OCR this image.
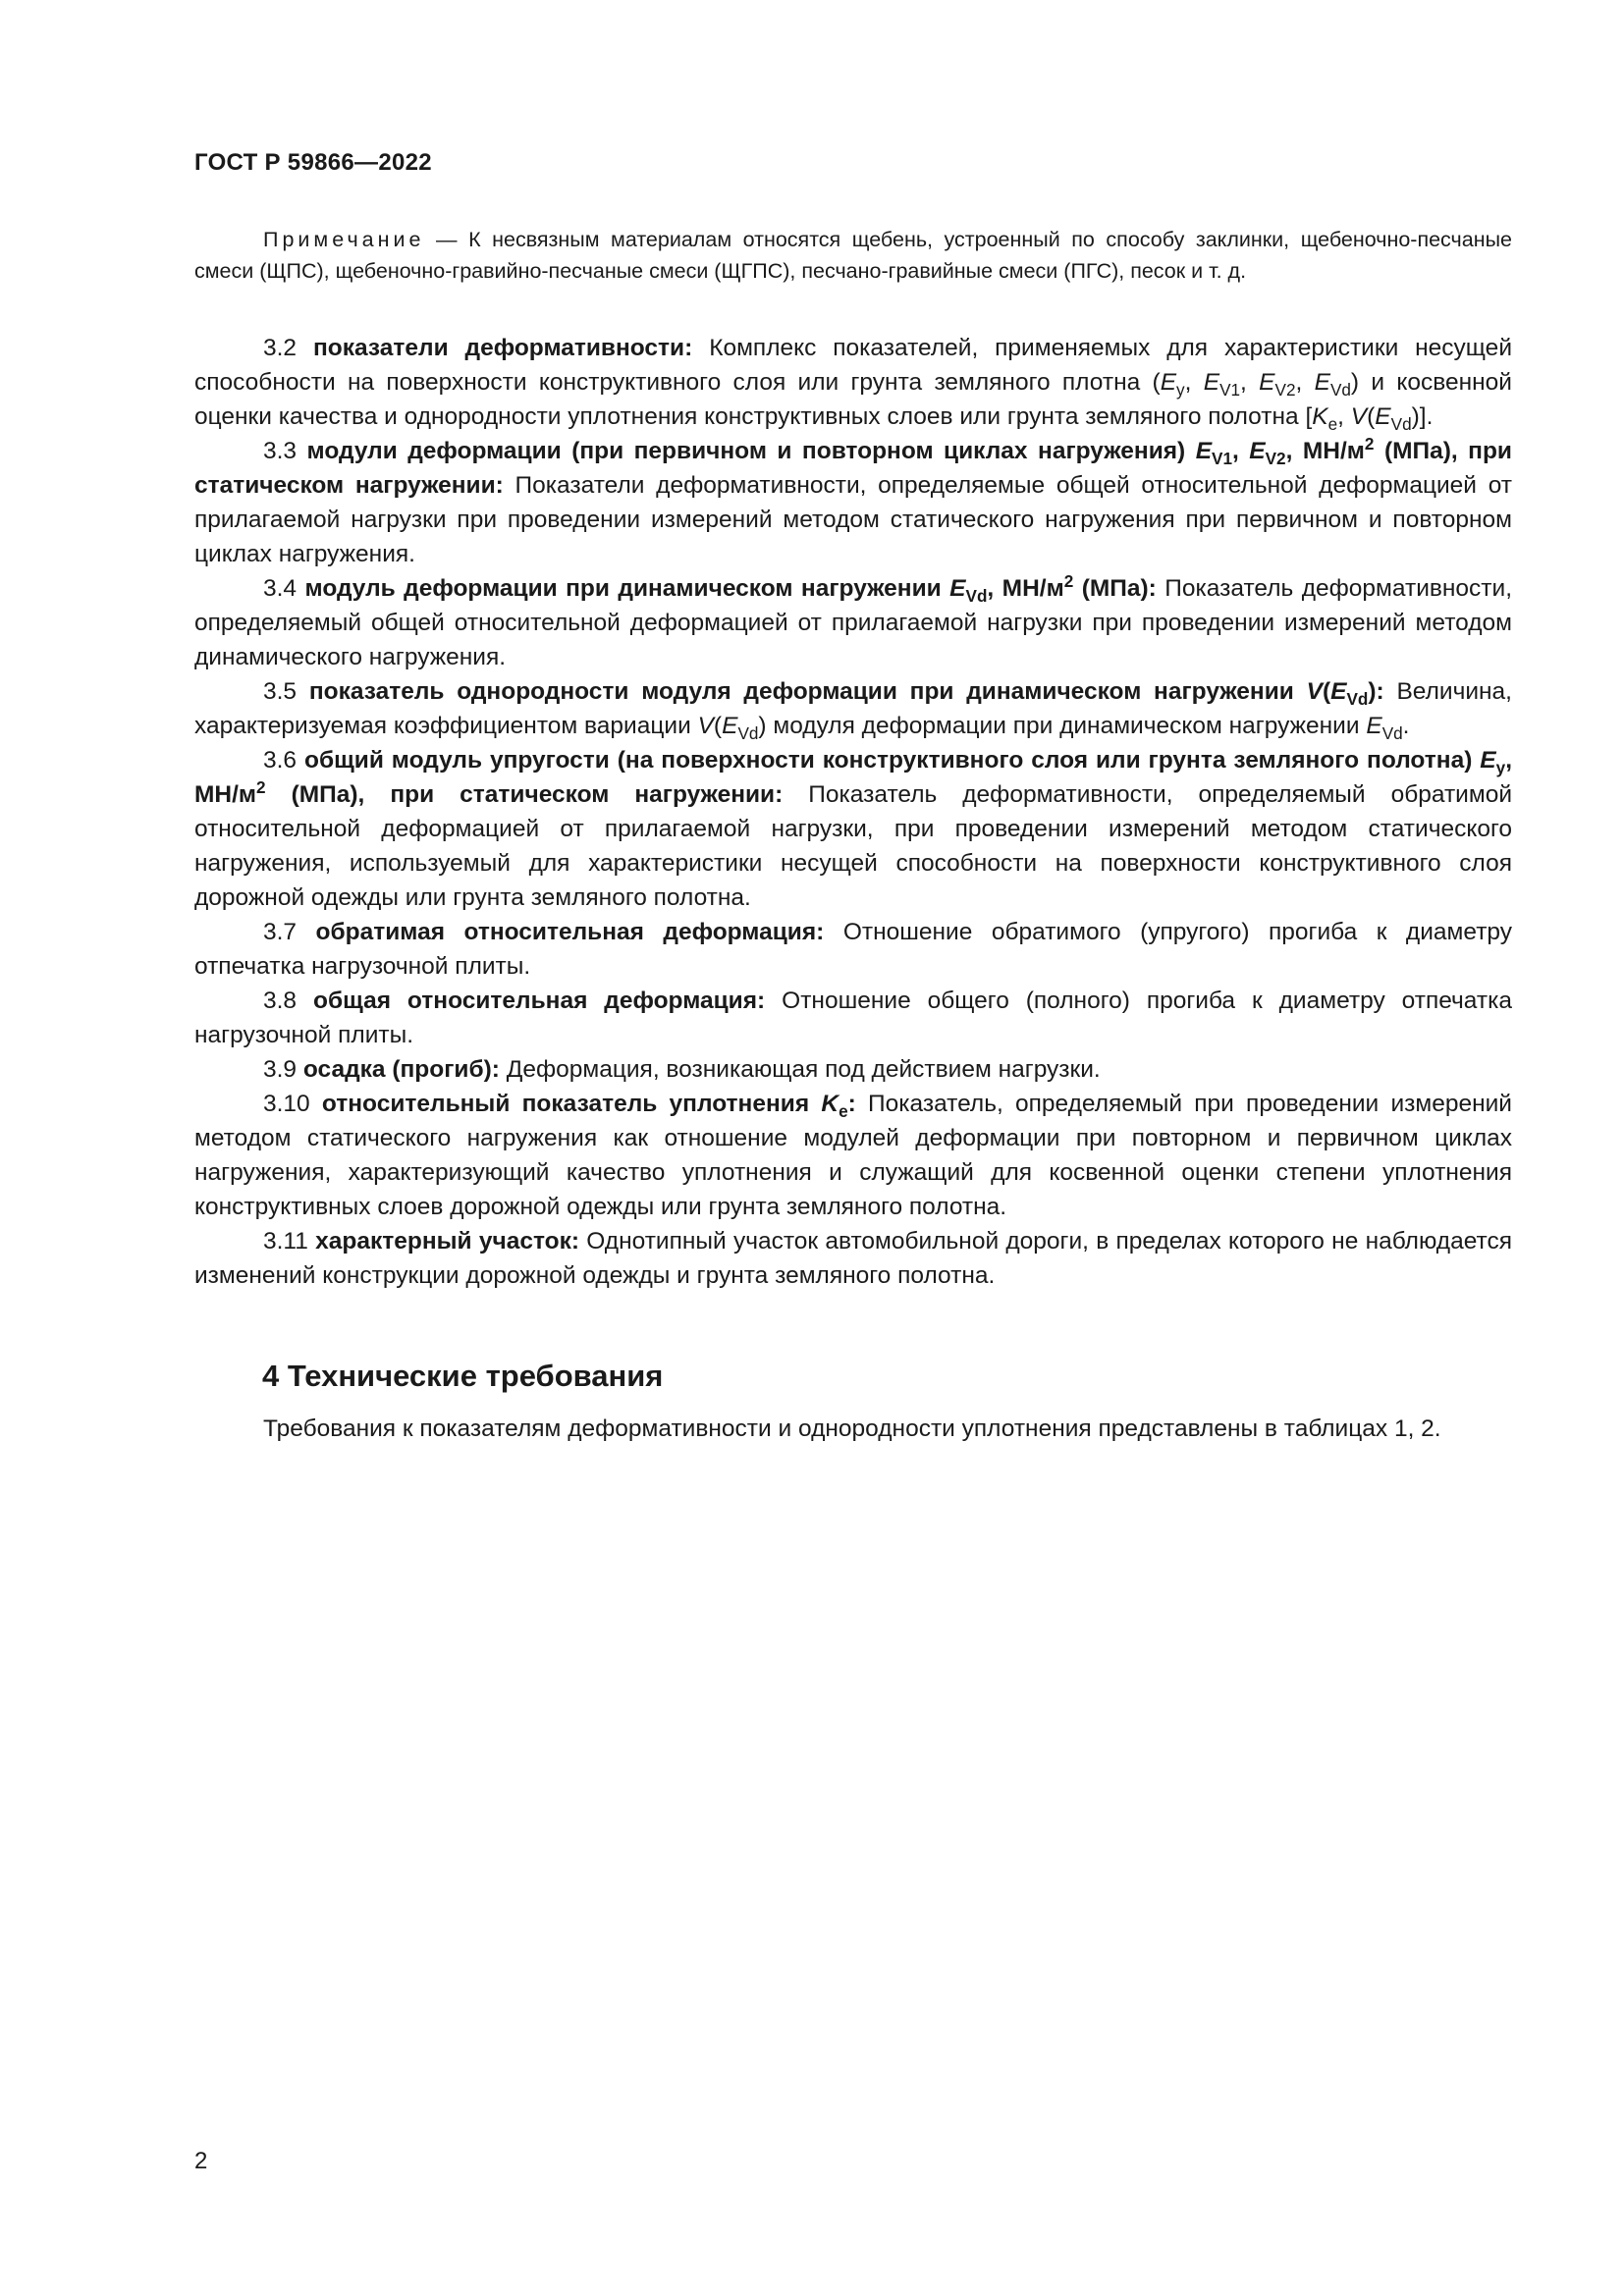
ГОСТ Р 59866—2022

Примечание — К несвязным материалам относятся щебень, устроенный по способу заклинки, щебеночно-песчаные смеси (ЩПС), щебеночно-гравийно-песчаные смеси (ЩГПС), песчано-гравийные смеси (ПГС), песок и т. д.

3.2 показатели деформативности: Комплекс показателей, применяемых для характеристики несущей способности на поверхности конструктивного слоя или грунта земляного плотна ($E_y$, $E_{V1}$, $E_{V2}$, $E_{Vd}$) и косвенной оценки качества и однородности уплотнения конструктивных слоев или грунта земляного полотна [$K_e$, $V(E_{Vd})$].

3.3 модули деформации (при первичном и повторном циклах нагружения) $E_{V1}$, $E_{V2}$, $МН/м^2$ (МПа), при статическом нагружении: Показатели деформативности, определяемые общей относительной деформацией от прилагаемой нагрузки при проведении измерений методом статического нагружения при первичном и повторном циклах нагружения.

3.4 модуль деформации при динамическом нагружении $E_{Vd}$, $МН/м^2$ (МПа): Показатель деформативности, определяемый общей относительной деформацией от прилагаемой нагрузки при проведении измерений методом динамического нагружения.

3.5 показатель однородности модуля деформации при динамическом нагружении $V(E_{Vd})$: Величина, характеризуемая коэффициентом вариации $V(E_{Vd})$ модуля деформации при динамическом нагружении $E_{Vd}$.

3.6 общий модуль упругости (на поверхности конструктивного слоя или грунта земляного полотна) $E_y$, $МН/м^2$ (МПа), при статическом нагружении: Показатель деформативности, определяемый обратимой относительной деформацией от прилагаемой нагрузки, при проведении измерений методом статического нагружения, используемый для характеристики несущей способности на поверхности конструктивного слоя дорожной одежды или грунта земляного полотна.

3.7 обратимая относительная деформация: Отношение обратимого (упругого) прогиба к диаметру отпечатка нагрузочной плиты.

3.8 общая относительная деформация: Отношение общего (полного) прогиба к диаметру отпечатка нагрузочной плиты.

3.9 осадка (прогиб): Деформация, возникающая под действием нагрузки.

3.10 относительный показатель уплотнения $K_e$: Показатель, определяемый при проведении измерений методом статического нагружения как отношение модулей деформации при повторном и первичном циклах нагружения, характеризующий качество уплотнения и служащий для косвенной оценки степени уплотнения конструктивных слоев дорожной одежды или грунта земляного полотна.

3.11 характерный участок: Однотипный участок автомобильной дороги, в пределах которого не наблюдается изменений конструкции дорожной одежды и грунта земляного полотна.

4 Технические требования

Требования к показателям деформативности и однородности уплотнения представлены в таблицах 1, 2.

2
